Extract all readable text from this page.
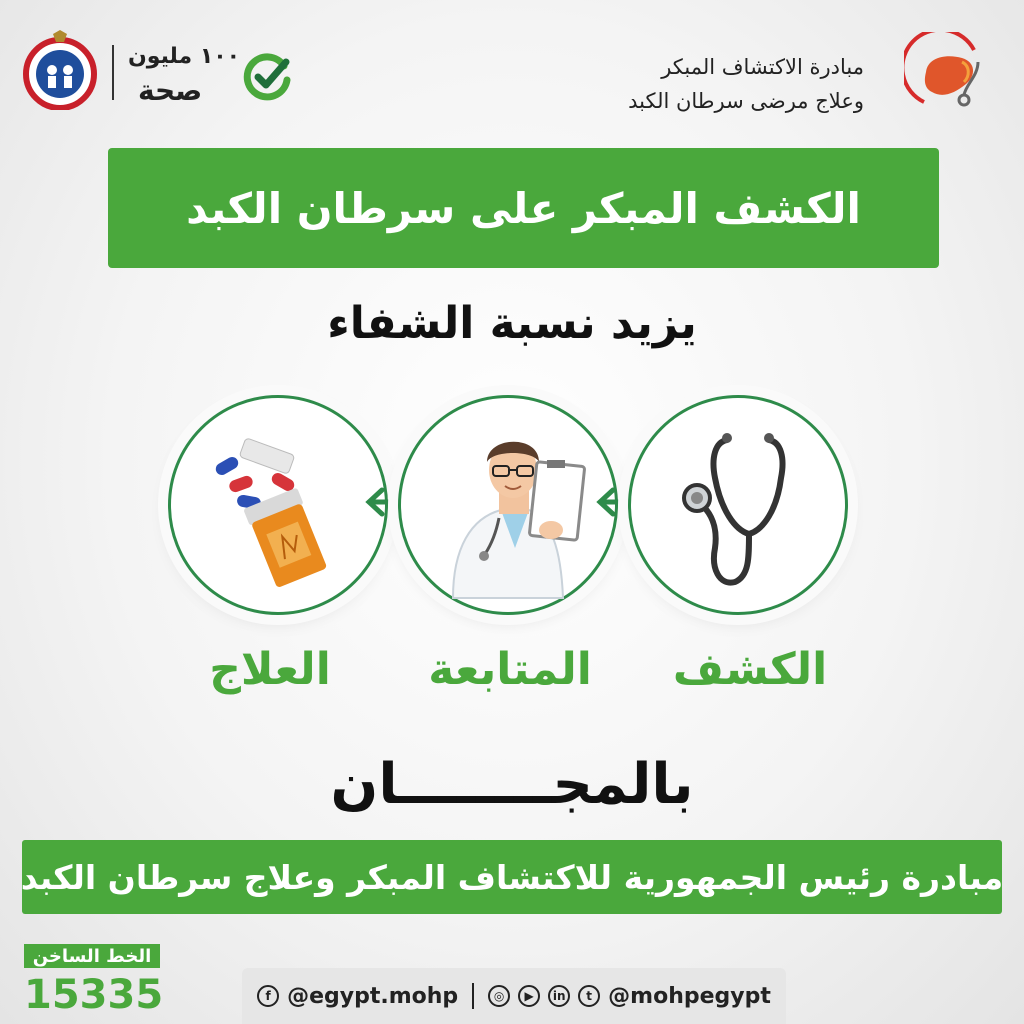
١٠٠ مليون
صحة
مبادرة الاكتشاف المبكر
وعلاج مرضى سرطان الكبد
الكشف المبكر على سرطان الكبد
يزيد نسبة الشفاء
العلاج	المتابعة	الكشف
بالمجــــــــان
مبادرة رئيس الجمهورية للاكتشاف المبكر وعلاج سرطان الكبد
الخط الساخن
15335	f @egypt.mohp	◎	▶	in	t @mohpegypt
